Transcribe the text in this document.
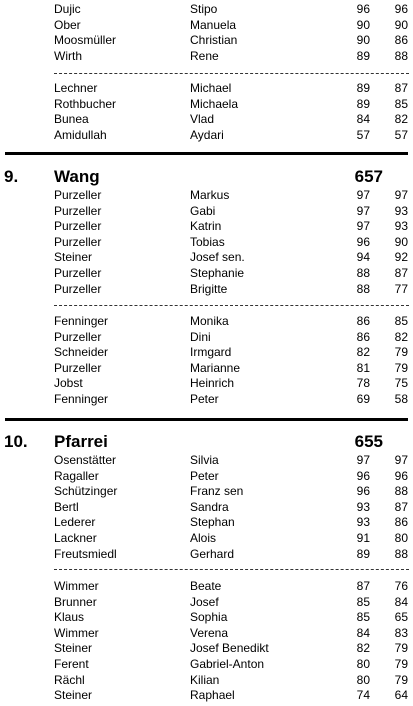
Dujic	Stipo	96 96
Ober	Manuela	90 90
Moosmüller	Christian	90 86
Wirth	Rene	89 88
Lechner	Michael	89 87
Rothbucher	Michaela	89 85
Bunea	Vlad	84 82
Amidullah	Aydari	57 57
9. Wang	657
Purzeller	Markus	97 97
Purzeller	Gabi	97 93
Purzeller	Katrin	97 93
Purzeller	Tobias	96 90
Steiner	Josef sen.	94 92
Purzeller	Stephanie	88 87
Purzeller	Brigitte	88 77
Fenninger	Monika	86 85
Purzeller	Dini	86 82
Schneider	Irmgard	82 79
Purzeller	Marianne	81 79
Jobst	Heinrich	78 75
Fenninger	Peter	69 58
10. Pfarrei	655
Osenstätter	Silvia	97 97
Ragaller	Peter	96 96
Schützinger	Franz sen	96 88
Bertl	Sandra	93 87
Lederer	Stephan	93 86
Lackner	Alois	91 80
Freutsmiedl	Gerhard	89 88
Wimmer	Beate	87 76
Brunner	Josef	85 84
Klaus	Sophia	85 65
Wimmer	Verena	84 83
Steiner	Josef Benedikt	82 79
Ferent	Gabriel-Anton	80 79
Rächl	Kilian	80 79
Steiner	Raphael	74 64
